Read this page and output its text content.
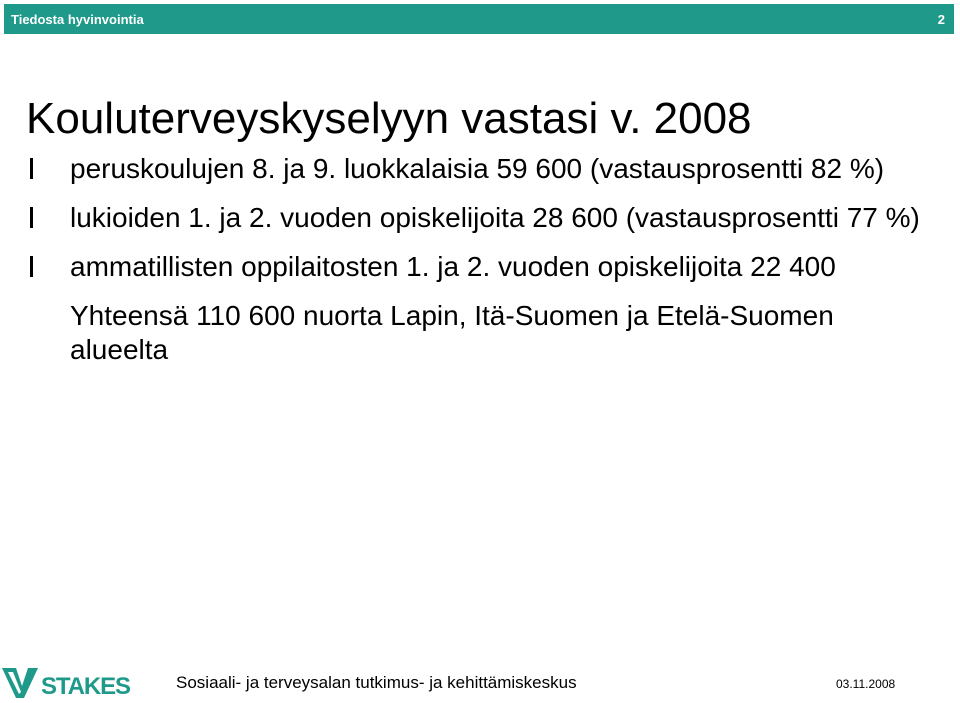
Tiedosta hyvinvointia	2
Kouluterveyskyselyyn vastasi v. 2008
peruskoulujen 8. ja 9. luokkalaisia 59 600 (vastausprosentti 82 %)
lukioiden 1. ja 2. vuoden opiskelijoita 28 600 (vastausprosentti 77 %)
ammatillisten oppilaitosten 1. ja 2. vuoden opiskelijoita 22 400
Yhteensä 110 600 nuorta Lapin, Itä-Suomen ja Etelä-Suomen alueelta
STAKES Sosiaali- ja terveysalan tutkimus- ja kehittämiskeskus	03.11.2008
